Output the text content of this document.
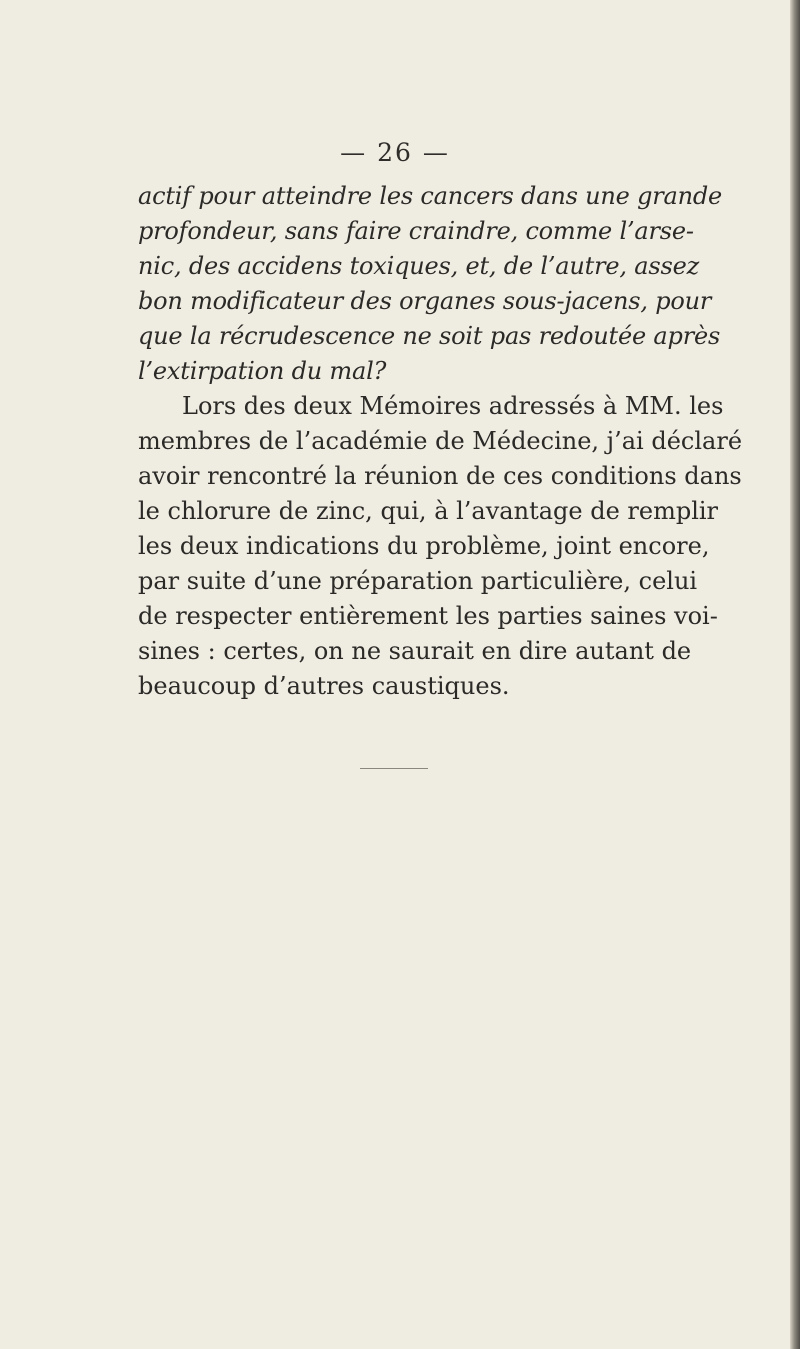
— 26 —
actif pour atteindre les cancers dans une grande
profondeur, sans faire craindre, comme l’arse-
nic, des accidens toxiques, et, de l’autre, assez
bon modificateur des organes sous-jacens, pour
que la récrudescence ne soit pas redoutée après
l’extirpation du mal?
Lors des deux Mémoires adressés à MM. les
membres de l’académie de Médecine, j’ai déclaré
avoir rencontré la réunion de ces conditions dans
le chlorure de zinc, qui, à l’avantage de remplir
les deux indications du problème, joint encore,
par suite d’une préparation particulière, celui
de respecter entièrement les parties saines voi-
sines : certes, on ne saurait en dire autant de
beaucoup d’autres caustiques.
